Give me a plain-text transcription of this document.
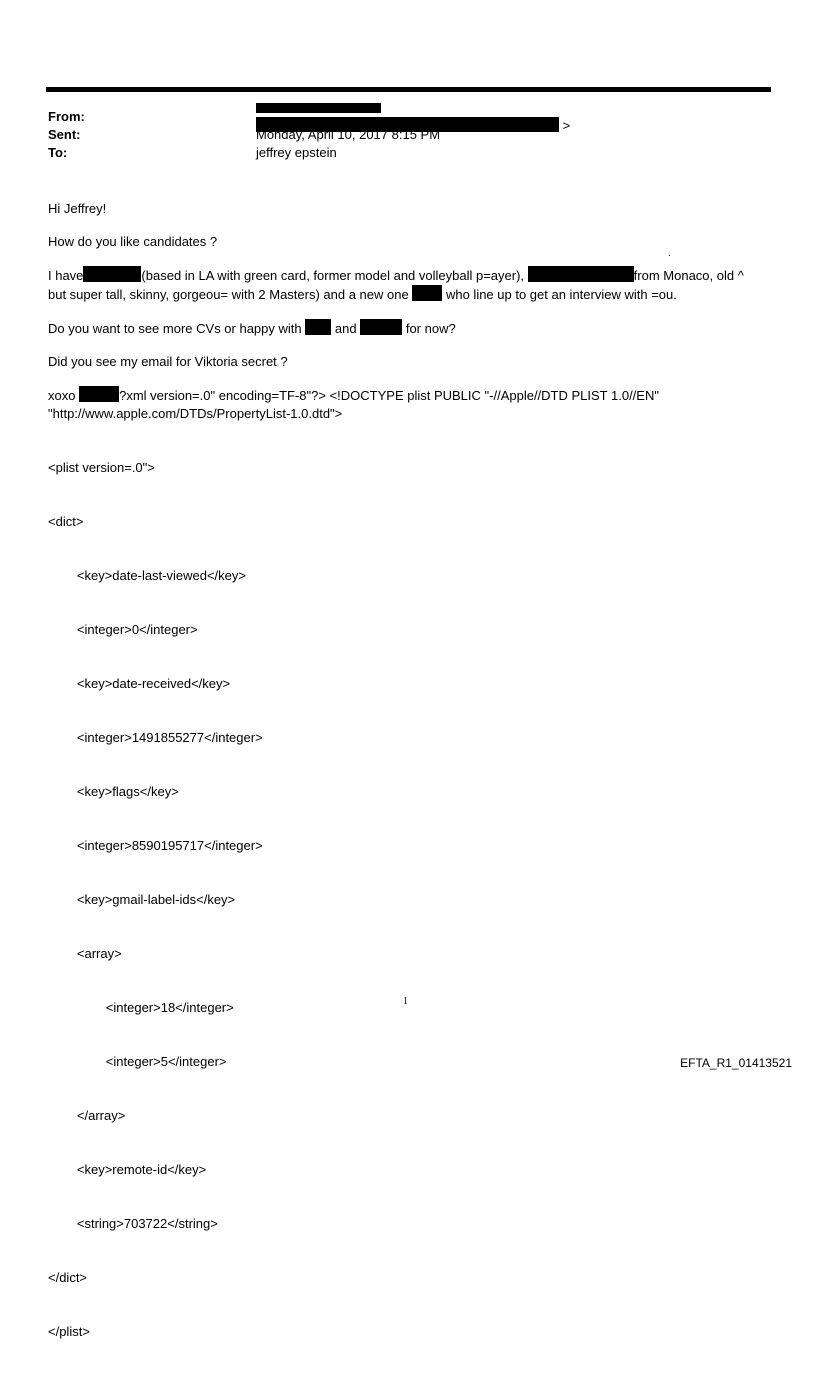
From:

>
Sent:	Monday, April 10, 2017 8:15 PM
To:	jeffrey epstein
.

Hi Jeffrey!

How do you like candidates ?

I have	(based in LA with green card, former model and volleyball p=ayer),	from Monaco, old ^
but super tall, skinny, gorgeou= with 2 Masters) and a new one	who line up to get an interview with =ou.

Do you want to see more CVs or happy with	and	for now?

Did you see my email for Viktoria secret ?

xoxo	?xml version=.0" encoding=TF-8"?> <!DOCTYPE plist PUBLIC "-//Apple//DTD PLIST 1.0//EN"
"http://www.apple.com/DTDs/PropertyList-1.0.dtd">

<plist version=.0">

<dict>

<key>date-last-viewed</key>

<integer>0</integer>

<key>date-received</key>

<integer>1491855277</integer>

<key>flags</key>

<integer>8590195717</integer>

<key>gmail-label-ids</key>

<array>

<integer>18</integer>

<integer>5</integer>

</array>

<key>remote-id</key>

<string>703722</string>

</dict>

</plist>

1
EFTA_R1_01413521
